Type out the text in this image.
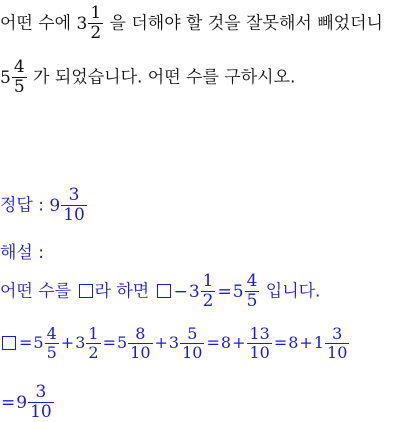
어떤 수에 $3 \frac{1}{2}$ 을 더해야 할 것을 잘못해서 빼었더니
$5 \frac{4}{5}$ 가 되었습니다. 어떤 수를 구하시오.
정답 : $9 \frac{3}{10}$
해설 :
어떤 수를 라 하면 $-3 \frac{1}{2} =5 \frac{4}{5}$ 입니다.
$=5 \frac{4}{5} +3 \frac{1}{2} =5 \frac{8}{10} +3 \frac{5}{10} =8+ \frac{13}{10} =8+1 \frac{3}{10}$
$=9 \frac{3}{10}$
